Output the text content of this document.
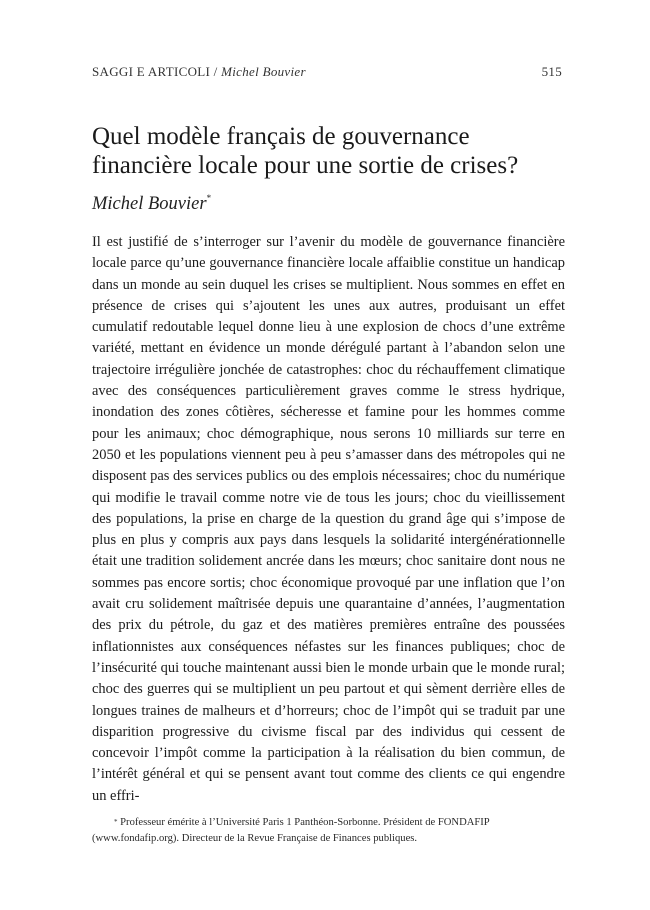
SAGGI E ARTICOLI / Michel Bouvier	515
Quel modèle français de gouvernance financière locale pour une sortie de crises?
Michel Bouvier*

Il est justifié de s’interroger sur l’avenir du modèle de gouvernance financière locale parce qu’une gouvernance financière locale affaiblie constitue un handicap dans un monde au sein duquel les crises se multiplient. Nous sommes en effet en présence de crises qui s’ajoutent les unes aux autres, produisant un effet cumulatif redoutable lequel donne lieu à une explosion de chocs d’une extrême variété, mettant en évidence un monde dérégulé partant à l’abandon selon une trajectoire irrégulière jonchée de catastrophes: choc du réchauffement climatique avec des conséquences particulièrement graves comme le stress hydrique, inondation des zones côtières, sécheresse et famine pour les hommes comme pour les animaux; choc démographique, nous serons 10 milliards sur terre en 2050 et les populations viennent peu à peu s’amasser dans des métropoles qui ne disposent pas des services publics ou des emplois nécessaires; choc du numérique qui modifie le travail comme notre vie de tous les jours; choc du vieillissement des populations, la prise en charge de la question du grand âge qui s’impose de plus en plus y compris aux pays dans lesquels la solidarité intergénérationnelle était une tradition solidement ancrée dans les mœurs; choc sanitaire dont nous ne sommes pas encore sortis; choc économique provoqué par une inflation que l’on avait cru solidement maîtrisée depuis une quarantaine d’années, l’augmentation des prix du pétrole, du gaz et des matières premières entraîne des poussées inflationnistes aux conséquences néfastes sur les finances publiques; choc de l’insécurité qui touche maintenant aussi bien le monde urbain que le monde rural; choc des guerres qui se multiplient un peu partout et qui sèment derrière elles de longues traines de malheurs et d’horreurs; choc de l’impôt qui se traduit par une disparition progressive du civisme fiscal par des individus qui cessent de concevoir l’impôt comme la participation à la réalisation du bien commun, de l’intérêt général et qui se pensent avant tout comme des clients ce qui engendre un effri-

* Professeur émérite à l’Université Paris 1 Panthéon-Sorbonne. Président de FONDAFIP (www.fondafip.org). Directeur de la Revue Française de Finances publiques.
